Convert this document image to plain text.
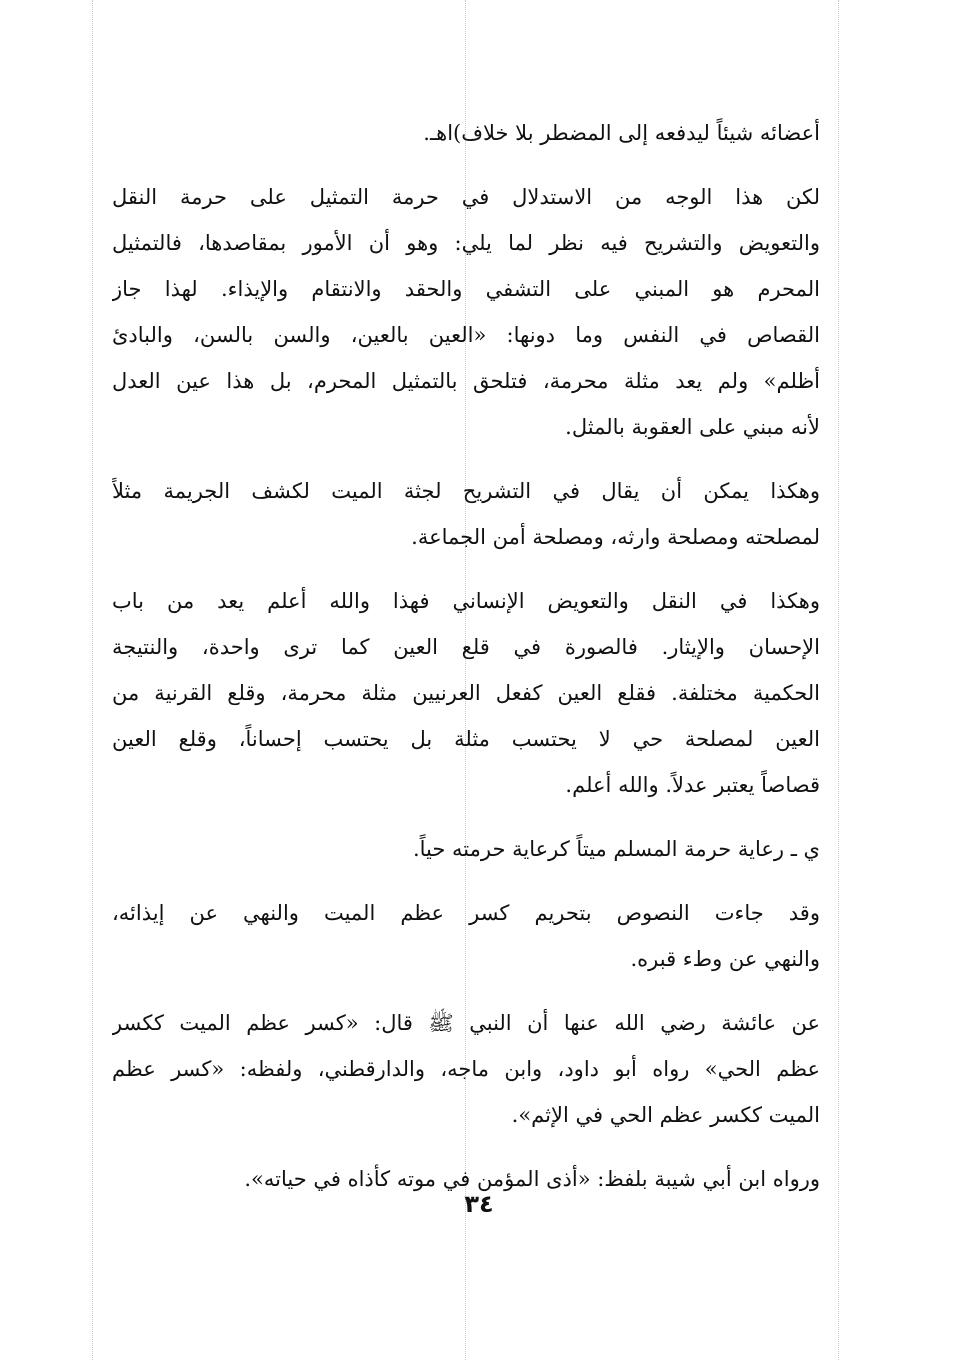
أعضائه شيئاً ليدفعه إلى المضطر بلا خلاف)اهـ.
لكن هذا الوجه من الاستدلال في حرمة التمثيل على حرمة النقل
والتعويض والتشريح فيه نظر لما يلي: وهو أن الأمور بمقاصدها، فالتمثيل
المحرم هو المبني على التشفي والحقد والانتقام والإيذاء. لهذا جاز
القصاص في النفس وما دونها: «العين بالعين، والسن بالسن، والبادئ
أظلم» ولم يعد مثلة محرمة، فتلحق بالتمثيل المحرم، بل هذا عين العدل
لأنه مبني على العقوبة بالمثل.
وهكذا يمكن أن يقال في التشريح لجثة الميت لكشف الجريمة مثلاً
لمصلحته ومصلحة وارثه، ومصلحة أمن الجماعة.
وهكذا في النقل والتعويض الإنساني فهذا والله أعلم يعد من باب
الإحسان والإيثار. فالصورة في قلع العين كما ترى واحدة، والنتيجة
الحكمية مختلفة. فقلع العين كفعل العرنيين مثلة محرمة، وقلع القرنية من
العين لمصلحة حي لا يحتسب مثلة بل يحتسب إحساناً، وقلع العين
قصاصاً يعتبر عدلاً. والله أعلم.
ي ـ رعاية حرمة المسلم ميتاً كرعاية حرمته حياً.
وقد جاءت النصوص بتحريم كسر عظم الميت والنهي عن إيذائه،
والنهي عن وطء قبره.
عن عائشة رضي الله عنها أن النبي ﷺ قال: «كسر عظم الميت ككسر
عظم الحي» رواه أبو داود، وابن ماجه، والدارقطني، ولفظه: «كسر عظم
الميت ككسر عظم الحي في الإثم».
ورواه ابن أبي شيبة بلفظ: «أذى المؤمن في موته كأذاه في حياته».
٣٤
